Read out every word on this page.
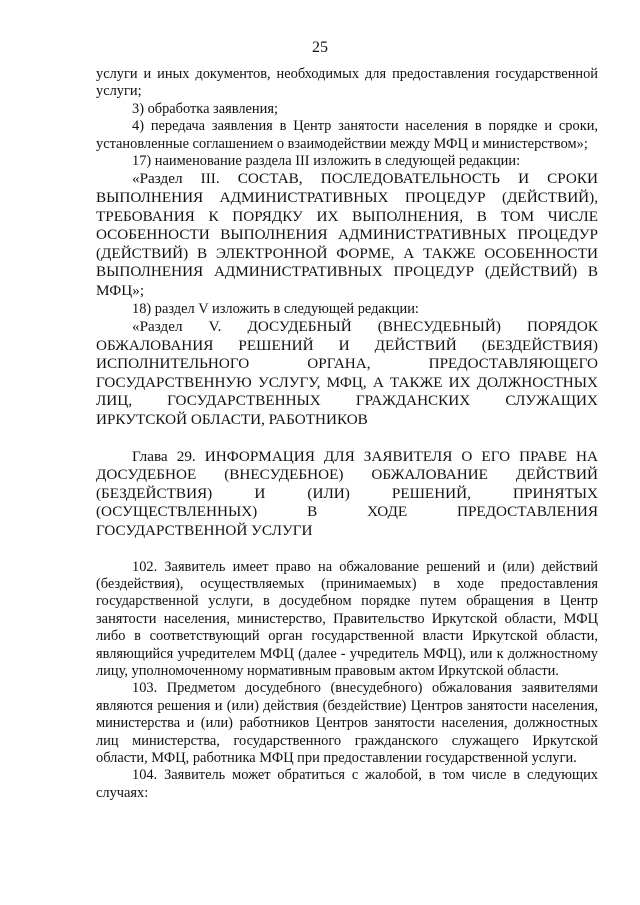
25

услуги и иных документов, необходимых для предоставления государственной услуги;

3) обработка заявления;

4) передача заявления в Центр занятости населения в порядке и сроки, установленные соглашением о взаимодействии между МФЦ и министерством»;

17) наименование раздела III изложить в следующей редакции:

«Раздел III. СОСТАВ, ПОСЛЕДОВАТЕЛЬНОСТЬ И СРОКИ ВЫПОЛНЕНИЯ АДМИНИСТРАТИВНЫХ ПРОЦЕДУР (ДЕЙСТВИЙ), ТРЕБОВАНИЯ К ПОРЯДКУ ИХ ВЫПОЛНЕНИЯ, В ТОМ ЧИСЛЕ ОСОБЕННОСТИ ВЫПОЛНЕНИЯ АДМИНИСТРАТИВНЫХ ПРОЦЕДУР (ДЕЙСТВИЙ) В ЭЛЕКТРОННОЙ ФОРМЕ, А ТАКЖЕ ОСОБЕННОСТИ ВЫПОЛНЕНИЯ АДМИНИСТРАТИВНЫХ ПРОЦЕДУР (ДЕЙСТВИЙ) В МФЦ»;

18) раздел V изложить в следующей редакции:

«Раздел V. ДОСУДЕБНЫЙ (ВНЕСУДЕБНЫЙ) ПОРЯДОК ОБЖАЛОВАНИЯ РЕШЕНИЙ И ДЕЙСТВИЙ (БЕЗДЕЙСТВИЯ) ИСПОЛНИТЕЛЬНОГО ОРГАНА, ПРЕДОСТАВЛЯЮЩЕГО ГОСУДАРСТВЕННУЮ УСЛУГУ, МФЦ, А ТАКЖЕ ИХ ДОЛЖНОСТНЫХ ЛИЦ, ГОСУДАРСТВЕННЫХ ГРАЖДАНСКИХ СЛУЖАЩИХ ИРКУТСКОЙ ОБЛАСТИ, РАБОТНИКОВ

Глава 29. ИНФОРМАЦИЯ ДЛЯ ЗАЯВИТЕЛЯ О ЕГО ПРАВЕ НА ДОСУДЕБНОЕ (ВНЕСУДЕБНОЕ) ОБЖАЛОВАНИЕ ДЕЙСТВИЙ (БЕЗДЕЙСТВИЯ) И (ИЛИ) РЕШЕНИЙ, ПРИНЯТЫХ (ОСУЩЕСТВЛЕННЫХ) В ХОДЕ ПРЕДОСТАВЛЕНИЯ ГОСУДАРСТВЕННОЙ УСЛУГИ

102. Заявитель имеет право на обжалование решений и (или) действий (бездействия), осуществляемых (принимаемых) в ходе предоставления государственной услуги, в досудебном порядке путем обращения в Центр занятости населения, министерство, Правительство Иркутской области, МФЦ либо в соответствующий орган государственной власти Иркутской области, являющийся учредителем МФЦ (далее - учредитель МФЦ), или к должностному лицу, уполномоченному нормативным правовым актом Иркутской области.

103. Предметом досудебного (внесудебного) обжалования заявителями являются решения и (или) действия (бездействие) Центров занятости населения, министерства и (или) работников Центров занятости населения, должностных лиц министерства, государственного гражданского служащего Иркутской области, МФЦ, работника МФЦ при предоставлении государственной услуги.

104. Заявитель может обратиться с жалобой, в том числе в следующих случаях:
